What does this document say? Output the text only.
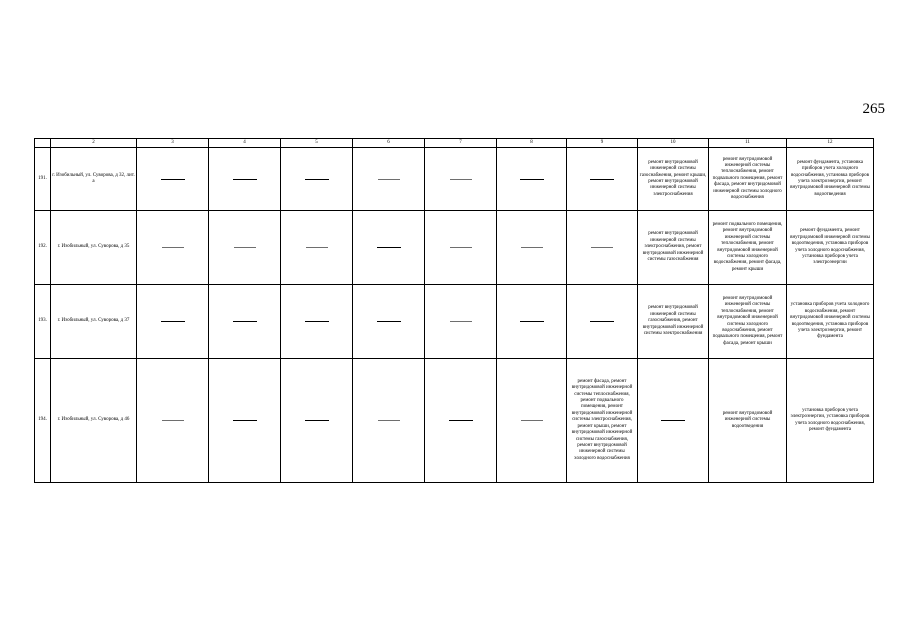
265
	2	3	4	5	6	7	8	9	10	11	12
191.	г. Изобильный, ул. Суворова, д 32, лит. а								ремонт внутридомовой инженерной системы газоснабжения, ремонт крыши, ремонт внутридомовой инженерной системы электроснабжения	ремонт внутридомовой инженерной системы теплоснабжения, ремонт подвального помещения, ремонт фасада, ремонт внутридомовой инженерной системы холодного водоснабжения	ремонт фундамента, установка приборов учета холодного водоснабжения, установка приборов учета электроэнергии, ремонт внутридомовой инженерной системы водоотведения
192.	г. Изобильный, ул. Суворова, д 35								ремонт внутридомовой инженерной системы электроснабжения, ремонт внутридомовой инженерной системы газоснабжения	ремонт подвального помещения, ремонт внутридомовой инженерной системы теплоснабжения, ремонт внутридомовой инженерной системы холодного водоснабжения, ремонт фасада, ремонт крыши	ремонт фундамента, ремонт внутридомовой инженерной системы водоотведения, установка приборов учета холодного водоснабжения, установка приборов учета электроэнергии
193.	г. Изобильный, ул. Суворова, д 37								ремонт внутридомовой инженерной системы газоснабжения, ремонт внутридомовой инженерной системы электроснабжения	ремонт внутридомовой инженерной системы теплоснабжения, ремонт внутридомовой инженерной системы холодного водоснабжения, ремонт подвального помещения, ремонт фасада, ремонт крыши	установка приборов учета холодного водоснабжения, ремонт внутридомовой инженерной системы водоотведения, установка приборов учета электроэнергии, ремонт фундамента
194.	г. Изобильный, ул. Суворова, д 46							ремонт фасада, ремонт внутридомовой инженерной системы теплоснабжения, ремонт подвального помещения, ремонт внутридомовой инженерной системы электроснабжения, ремонт крыши, ремонт внутридомовой инженерной системы газоснабжения, ремонт внутридомовой инженерной системы холодного водоснабжения		ремонт внутридомовой инженерной системы водоотведения	установка приборов учета электроэнергии, установка приборов учета холодного водоснабжения, ремонт фундамента
